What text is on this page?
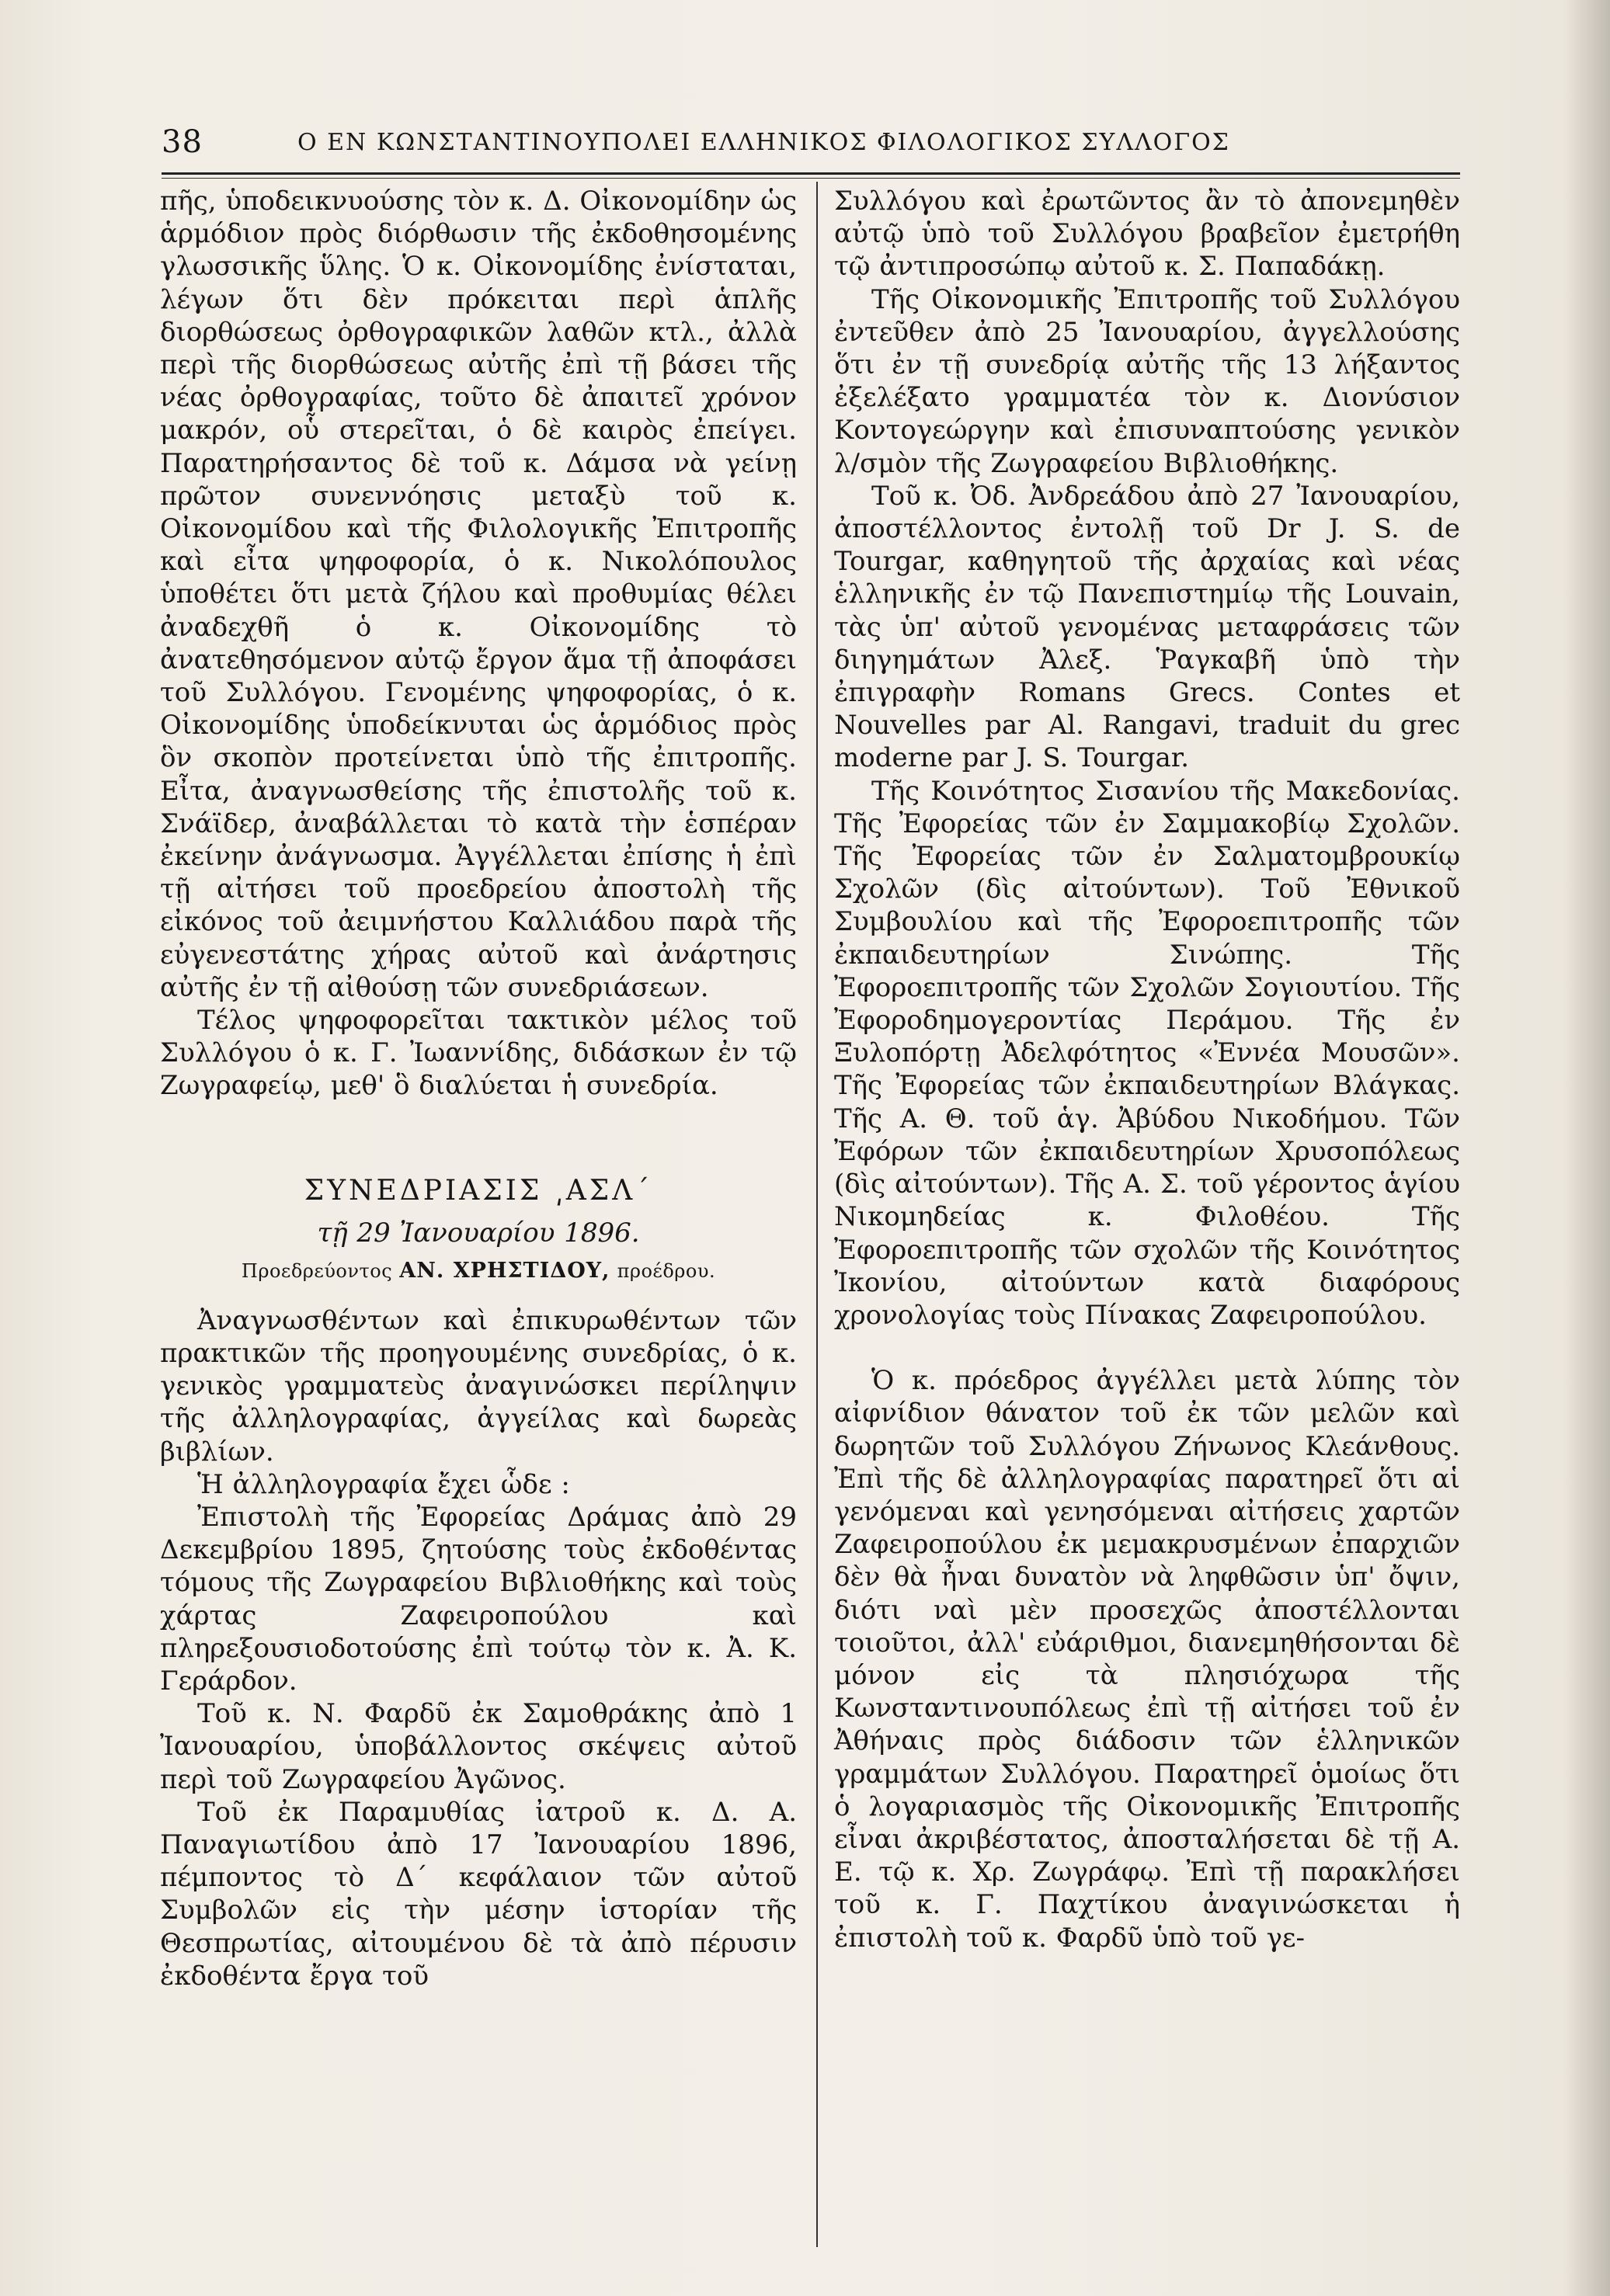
38	Ο ΕΝ ΚΩΝΣΤΑΝΤΙΝΟΥΠΟΛΕΙ ΕΛΛΗΝΙΚΟΣ ΦΙΛΟΛΟΓΙΚΟΣ ΣΥΛΛΟΓΟΣ

πῆς, ὑποδεικνυούσης τὸν κ. Δ. Οἰκονομίδην ὡς ἁρμόδιον πρὸς διόρθωσιν τῆς ἐκδοθησομένης γλωσσικῆς ὕλης. Ὁ κ. Οἰκονομίδης ἐνίσταται, λέγων ὅτι δὲν πρόκειται περὶ ἁπλῆς διορθώσεως ὀρθογραφικῶν λαθῶν κτλ., ἀλλὰ περὶ τῆς διορθώσεως αὐτῆς ἐπὶ τῇ βάσει τῆς νέας ὀρθογραφίας, τοῦτο δὲ ἀπαιτεῖ χρόνον μακρόν, οὗ στερεῖται, ὁ δὲ καιρὸς ἐπείγει. Παρατηρήσαντος δὲ τοῦ κ. Δάμσα νὰ γείνῃ πρῶτον συνεννόησις μεταξὺ τοῦ κ. Οἰκονομίδου καὶ τῆς Φιλολογικῆς Ἐπιτροπῆς καὶ εἶτα ψηφοφορία, ὁ κ. Νικολόπουλος ὑποθέτει ὅτι μετὰ ζήλου καὶ προθυμίας θέλει ἀναδεχθῆ ὁ κ. Οἰκονομίδης τὸ ἀνατεθησόμενον αὐτῷ ἔργον ἅμα τῇ ἀποφάσει τοῦ Συλλόγου. Γενομένης ψηφοφορίας, ὁ κ. Οἰκονομίδης ὑποδείκνυται ὡς ἁρμόδιος πρὸς ὃν σκοπὸν προτείνεται ὑπὸ τῆς ἐπιτροπῆς. Εἶτα, ἀναγνωσθείσης τῆς ἐπιστολῆς τοῦ κ. Σνάϊδερ, ἀναβάλλεται τὸ κατὰ τὴν ἑσπέραν ἐκείνην ἀνάγνωσμα. Ἀγγέλλεται ἐπίσης ἡ ἐπὶ τῇ αἰτήσει τοῦ προεδρείου ἀποστολὴ τῆς εἰκόνος τοῦ ἀειμνήστου Καλλιάδου παρὰ τῆς εὐγενεστάτης χήρας αὐτοῦ καὶ ἀνάρτησις αὐτῆς ἐν τῇ αἰθούσῃ τῶν συνεδριάσεων.

Τέλος ψηφοφορεῖται τακτικὸν μέλος τοῦ Συλλόγου ὁ κ. Γ. Ἰωαννίδης, διδάσκων ἐν τῷ Ζωγραφείῳ, μεθ' ὃ διαλύεται ἡ συνεδρία.

ΣΥΝΕΔΡΙΑΣΙΣ ͵ΑΣΛ´
τῇ 29 Ἰανουαρίου 1896.
Προεδρεύοντος ΑΝ. ΧΡΗΣΤΙΔΟΥ, προέδρου.

Ἀναγνωσθέντων καὶ ἐπικυρωθέντων τῶν πρακτικῶν τῆς προηγουμένης συνεδρίας, ὁ κ. γενικὸς γραμματεὺς ἀναγινώσκει περίληψιν τῆς ἀλληλογραφίας, ἀγγείλας καὶ δωρεὰς βιβλίων.

Ἡ ἀλληλογραφία ἔχει ὧδε :

Ἐπιστολὴ τῆς Ἐφορείας Δράμας ἀπὸ 29 Δεκεμβρίου 1895, ζητούσης τοὺς ἐκδοθέντας τόμους τῆς Ζωγραφείου Βιβλιοθήκης καὶ τοὺς χάρτας Ζαφειροπούλου καὶ πληρεξουσιοδοτούσης ἐπὶ τούτῳ τὸν κ. Ἀ. Κ. Γεράρδον.

Τοῦ κ. Ν. Φαρδῦ ἐκ Σαμοθράκης ἀπὸ 1 Ἰανουαρίου, ὑποβάλλοντος σκέψεις αὐτοῦ περὶ τοῦ Ζωγραφείου Ἀγῶνος.

Τοῦ ἐκ Παραμυθίας ἰατροῦ κ. Δ. Α. Παναγιωτίδου ἀπὸ 17 Ἰανουαρίου 1896, πέμποντος τὸ Δ´ κεφάλαιον τῶν αὐτοῦ Συμβολῶν εἰς τὴν μέσην ἱστορίαν τῆς Θεσπρωτίας, αἰτουμένου δὲ τὰ ἀπὸ πέρυσιν ἐκδοθέντα ἔργα τοῦ

Συλλόγου καὶ ἐρωτῶντος ἂν τὸ ἀπονεμηθὲν αὐτῷ ὑπὸ τοῦ Συλλόγου βραβεῖον ἐμετρήθη τῷ ἀντιπροσώπῳ αὐτοῦ κ. Σ. Παπαδάκῃ.

Τῆς Οἰκονομικῆς Ἐπιτροπῆς τοῦ Συλλόγου ἐντεῦθεν ἀπὸ 25 Ἰανουαρίου, ἀγγελλούσης ὅτι ἐν τῇ συνεδρίᾳ αὐτῆς τῆς 13 λήξαντος ἐξελέξατο γραμματέα τὸν κ. Διονύσιον Κοντογεώργην καὶ ἐπισυναπτούσης γενικὸν λ/σμὸν τῆς Ζωγραφείου Βιβλιοθήκης.

Τοῦ κ. Ὀδ. Ἀνδρεάδου ἀπὸ 27 Ἰανουαρίου, ἀποστέλλοντος ἐντολῇ τοῦ Dr J. S. de Tourgar, καθηγητοῦ τῆς ἀρχαίας καὶ νέας ἑλληνικῆς ἐν τῷ Πανεπιστημίῳ τῆς Louvain, τὰς ὑπ' αὐτοῦ γενομένας μεταφράσεις τῶν διηγημάτων Ἀλεξ. Ῥαγκαβῆ ὑπὸ τὴν ἐπιγραφὴν Romans Grecs. Contes et Nouvelles par Al. Rangavi, traduit du grec moderne par J. S. Tourgar.

Τῆς Κοινότητος Σισανίου τῆς Μακεδονίας. Τῆς Ἐφορείας τῶν ἐν Σαμμακοβίῳ Σχολῶν. Τῆς Ἐφορείας τῶν ἐν Σαλματομβρουκίῳ Σχολῶν (δὶς αἰτούντων). Τοῦ Ἐθνικοῦ Συμβουλίου καὶ τῆς Ἐφοροεπιτροπῆς τῶν ἐκπαιδευτηρίων Σινώπης. Τῆς Ἐφοροεπιτροπῆς τῶν Σχολῶν Σογιουτίου. Τῆς Ἐφοροδημογεροντίας Περάμου. Τῆς ἐν Ξυλοπόρτῃ Ἀδελφότητος «Ἐννέα Μουσῶν». Τῆς Ἐφορείας τῶν ἐκπαιδευτηρίων Βλάγκας. Τῆς Α. Θ. τοῦ ἁγ. Ἀβύδου Νικοδήμου. Τῶν Ἐφόρων τῶν ἐκπαιδευτηρίων Χρυσοπόλεως (δὶς αἰτούντων). Τῆς Α. Σ. τοῦ γέροντος ἁγίου Νικομηδείας κ. Φιλοθέου. Τῆς Ἐφοροεπιτροπῆς τῶν σχολῶν τῆς Κοινότητος Ἰκονίου, αἰτούντων κατὰ διαφόρους χρονολογίας τοὺς Πίνακας Ζαφειροπούλου.

Ὁ κ. πρόεδρος ἀγγέλλει μετὰ λύπης τὸν αἰφνίδιον θάνατον τοῦ ἐκ τῶν μελῶν καὶ δωρητῶν τοῦ Συλλόγου Ζήνωνος Κλεάνθους. Ἐπὶ τῆς δὲ ἀλληλογραφίας παρατηρεῖ ὅτι αἱ γενόμεναι καὶ γενησόμεναι αἰτήσεις χαρτῶν Ζαφειροπούλου ἐκ μεμακρυσμένων ἐπαρχιῶν δὲν θὰ ἦναι δυνατὸν νὰ ληφθῶσιν ὑπ' ὄψιν, διότι ναὶ μὲν προσεχῶς ἀποστέλλονται τοιοῦτοι, ἀλλ' εὐάριθμοι, διανεμηθήσονται δὲ μόνον εἰς τὰ πλησιόχωρα τῆς Κωνσταντινουπόλεως ἐπὶ τῇ αἰτήσει τοῦ ἐν Ἀθήναις πρὸς διάδοσιν τῶν ἑλληνικῶν γραμμάτων Συλλόγου. Παρατηρεῖ ὁμοίως ὅτι ὁ λογαριασμὸς τῆς Οἰκονομικῆς Ἐπιτροπῆς εἶναι ἀκριβέστατος, ἀποσταλήσεται δὲ τῇ Α. Ε. τῷ κ. Χρ. Ζωγράφῳ. Ἐπὶ τῇ παρακλήσει τοῦ κ. Γ. Παχτίκου ἀναγινώσκεται ἡ ἐπιστολὴ τοῦ κ. Φαρδῦ ὑπὸ τοῦ γε-
